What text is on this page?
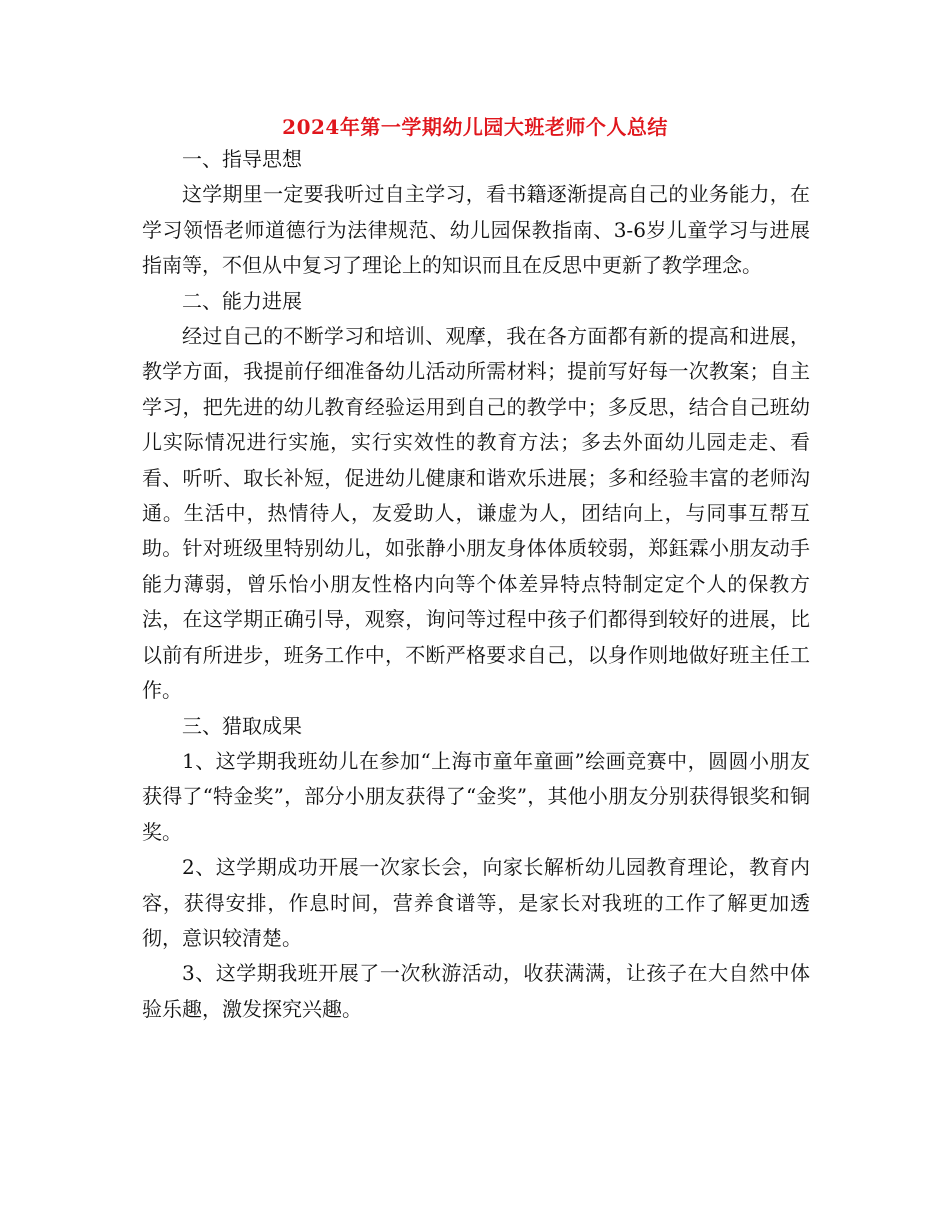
2024年第一学期幼儿园大班老师个人总结

一、指导思想

这学期里一定要我听过自主学习，看书籍逐渐提高自己的业务能力，在学习领悟老师道德行为法律规范、幼儿园保教指南、3-6岁儿童学习与进展指南等，不但从中复习了理论上的知识而且在反思中更新了教学理念。

二、能力进展

经过自己的不断学习和培训、观摩，我在各方面都有新的提高和进展，教学方面，我提前仔细准备幼儿活动所需材料；提前写好每一次教案；自主学习，把先进的幼儿教育经验运用到自己的教学中；多反思，结合自己班幼儿实际情况进行实施，实行实效性的教育方法；多去外面幼儿园走走、看看、听听、取长补短，促进幼儿健康和谐欢乐进展；多和经验丰富的老师沟通。生活中，热情待人，友爱助人，谦虚为人，团结向上，与同事互帮互助。针对班级里特别幼儿，如张静小朋友身体体质较弱，郑鈺霖小朋友动手能力薄弱，曾乐怡小朋友性格内向等个体差异特点特制定定个人的保教方法，在这学期正确引导，观察，询问等过程中孩子们都得到较好的进展，比以前有所进步，班务工作中，不断严格要求自己，以身作则地做好班主任工作。

三、猎取成果

1、这学期我班幼儿在参加“上海市童年童画”绘画竞赛中，圆圆小朋友获得了“特金奖”，部分小朋友获得了“金奖”，其他小朋友分别获得银奖和铜奖。

2、这学期成功开展一次家长会，向家长解析幼儿园教育理论，教育内容，获得安排，作息时间，营养食谱等，是家长对我班的工作了解更加透彻，意识较清楚。

3、这学期我班开展了一次秋游活动，收获满满，让孩子在大自然中体验乐趣，激发探究兴趣。
